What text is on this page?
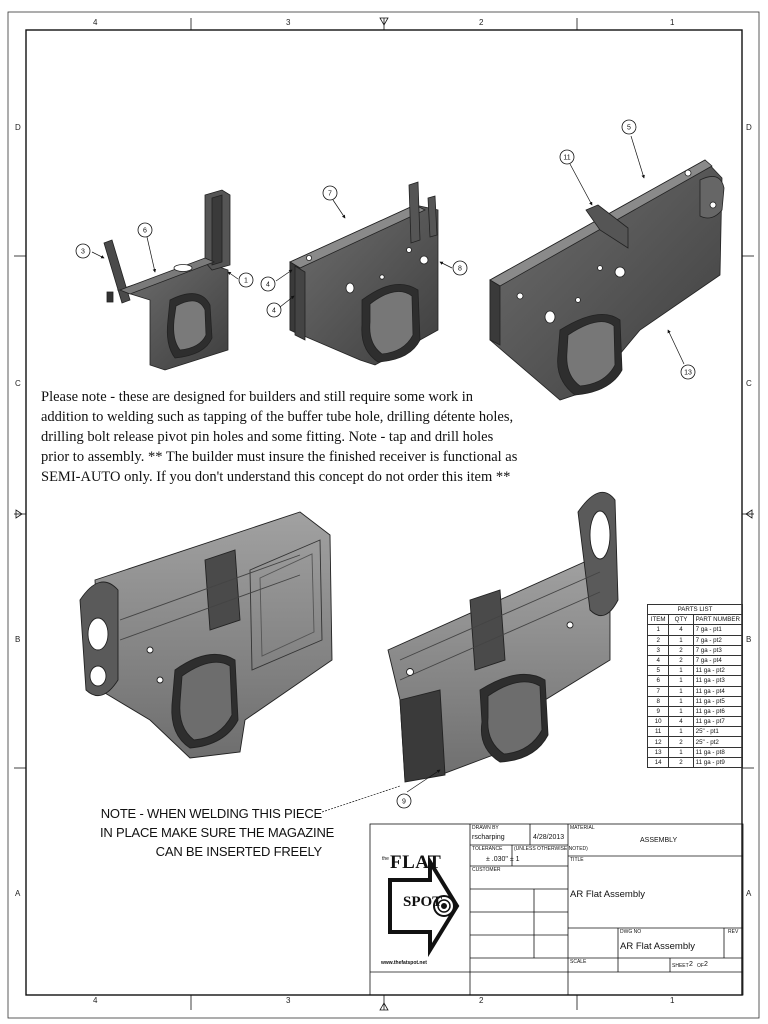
4	3	2	1
4	3	2	1
D
C
B
A
D
C
B
A
1
3
6
7
4
4
8
11
5
13
9
Please note - these are designed for builders and still require some work in addition to welding such as tapping of the buffer tube hole, drilling détente holes, drilling bolt release pivot pin holes and some fitting. Note - tap and drill holes prior to assembly. ** The builder must insure the finished receiver is functional as SEMI-AUTO only. If you don't understand this concept do not order this item **
NOTE - WHEN WELDING THIS PIECE
IN PLACE MAKE SURE THE MAGAZINE
CAN BE INSERTED FREELY
PARTS LIST		
ITEM	QTY	PART NUMBER
1	4	7 ga - pt1
2	1	7 ga - pt2
3	2	7 ga - pt3
4	2	7 ga - pt4
5	1	11 ga - pt2
6	1	11 ga - pt3
7	1	11 ga - pt4
8	1	11 ga - pt5
9	1	11 ga - pt6
10	4	11 ga - pt7
11	1	25" - pt1
12	2	25" - pt2
13	1	11 ga - pt8
14	2	11 ga - pt9
DRAWN BY
rscharping	4/28/2013
TOLERANCE (UNLESS OTHERWISE NOTED)
± .030" ± 1
CUSTOMER
MATERIAL
ASSEMBLY
TITLE
AR Flat Assembly
DWG NO
AR Flat Assembly
REV
SCALE
SHEET 2 OF 2
the FLAT
SPOT
www.thefatspot.net
